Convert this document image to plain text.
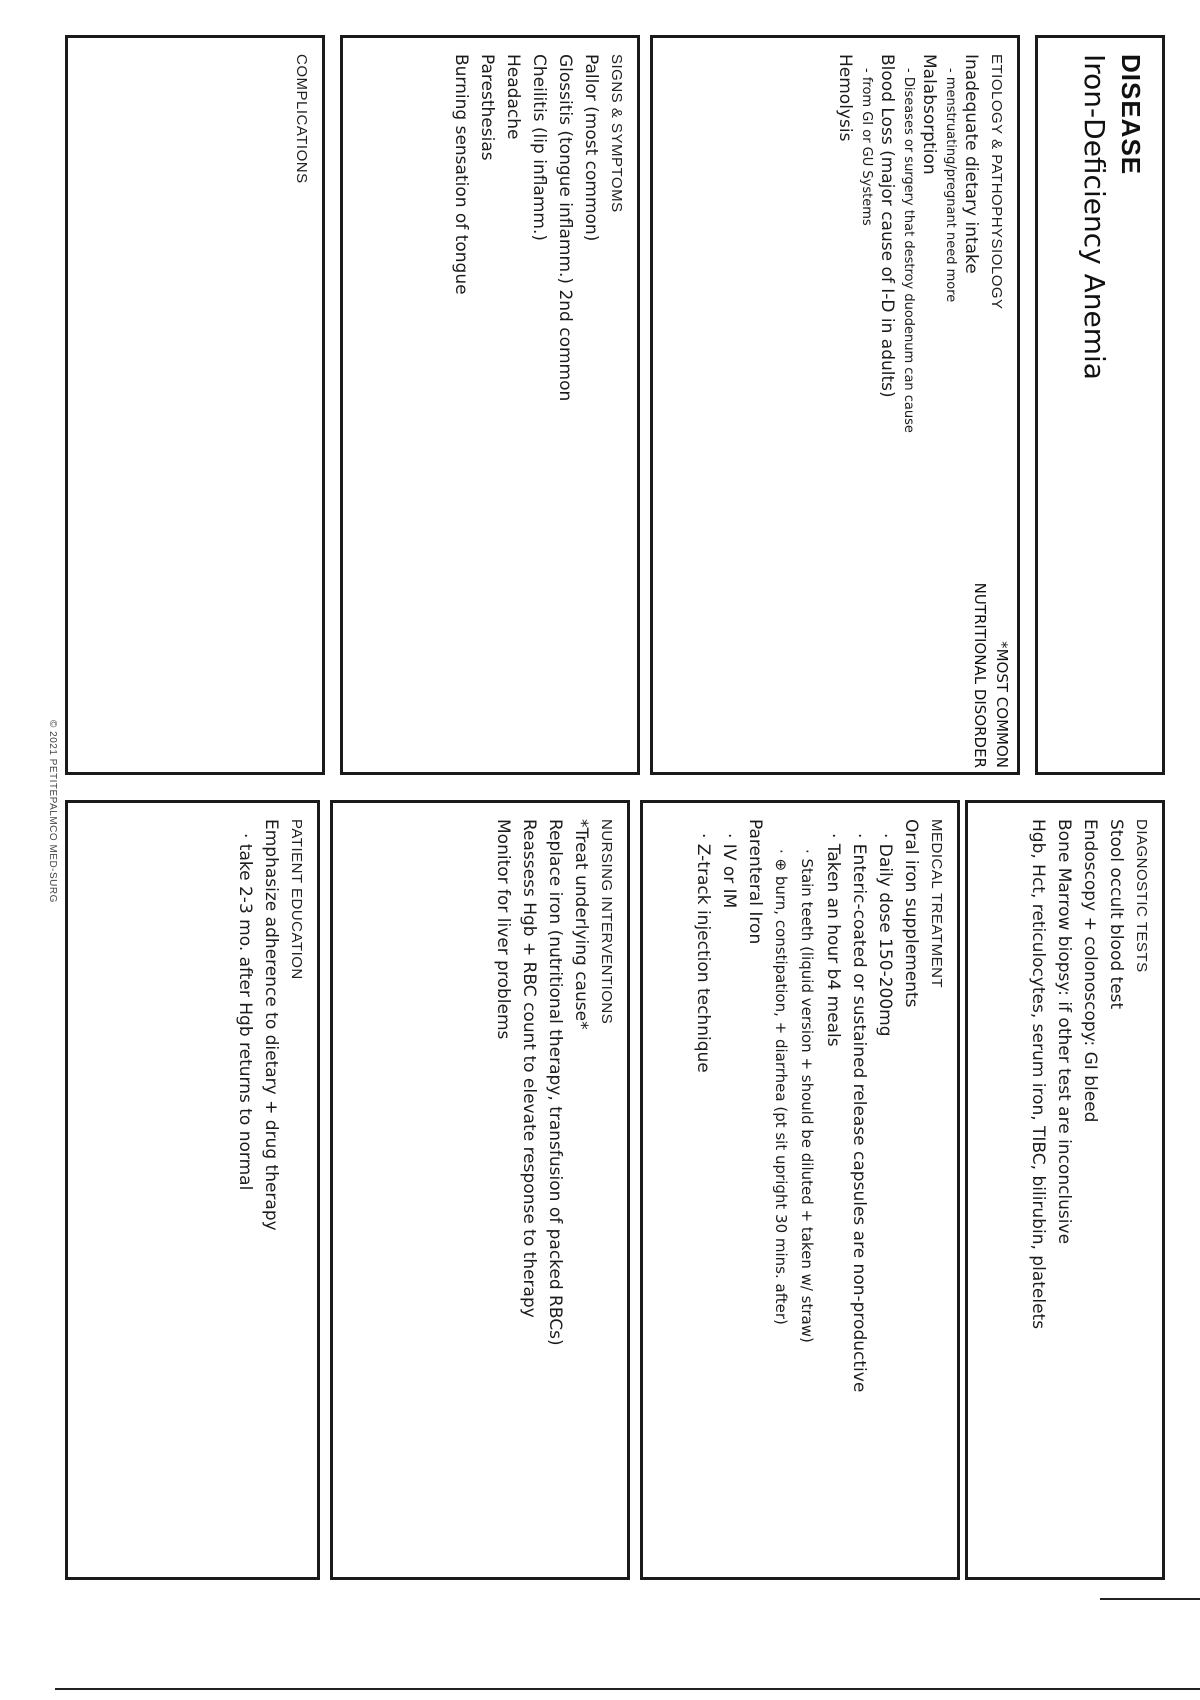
DISEASE
Iron-Deficiency Anemia
ETIOLOGY & PATHOPHYSIOLOGY
*MOST COMMON
NUTRITIONAL DISORDER
Inadequate dietary intake
- menstruating/pregnant need more
Malabsorption
- Diseases or surgery that destroy duodenum can cause
Blood Loss (major cause of I-D in adults)
- from GI or GU Systems
Hemolysis
SIGNS & SYMPTOMS
Pallor (most common)
Glossitis (tongue inflamm.) 2nd common
Cheilitis (lip inflamm.)
Headache
Paresthesias
Burning sensation of tongue
COMPLICATIONS
DIAGNOSTIC TESTS
Stool occult blood test
Endoscopy + colonoscopy: GI bleed
Bone Marrow biopsy: if other test are inconclusive
Hgb, Hct, reticulocytes, serum iron, TIBC, bilirubin, platelets
MEDICAL TREATMENT
Oral iron supplements
· Daily dose 150-200mg
· Enteric-coated or sustained release capsules are non-productive
· Taken an hour b4 meals
· Stain teeth (liquid version + should be diluted + taken w/ straw)
· ⊕ burn, constipation, + diarrhea (pt sit upright 30 mins. after)
Parenteral Iron
· IV or IM
· Z-track injection technique
NURSING INTERVENTIONS
*Treat underlying cause*
Replace iron (nutritional therapy, transfusion of packed RBCs)
Reassess Hgb + RBC count to elevate response to therapy
Monitor for liver problems
PATIENT EDUCATION
Emphasize adherence to dietary + drug therapy
· take 2-3 mo. after Hgb returns to normal
© 2021 PETITEPALMCO MED-SURG
